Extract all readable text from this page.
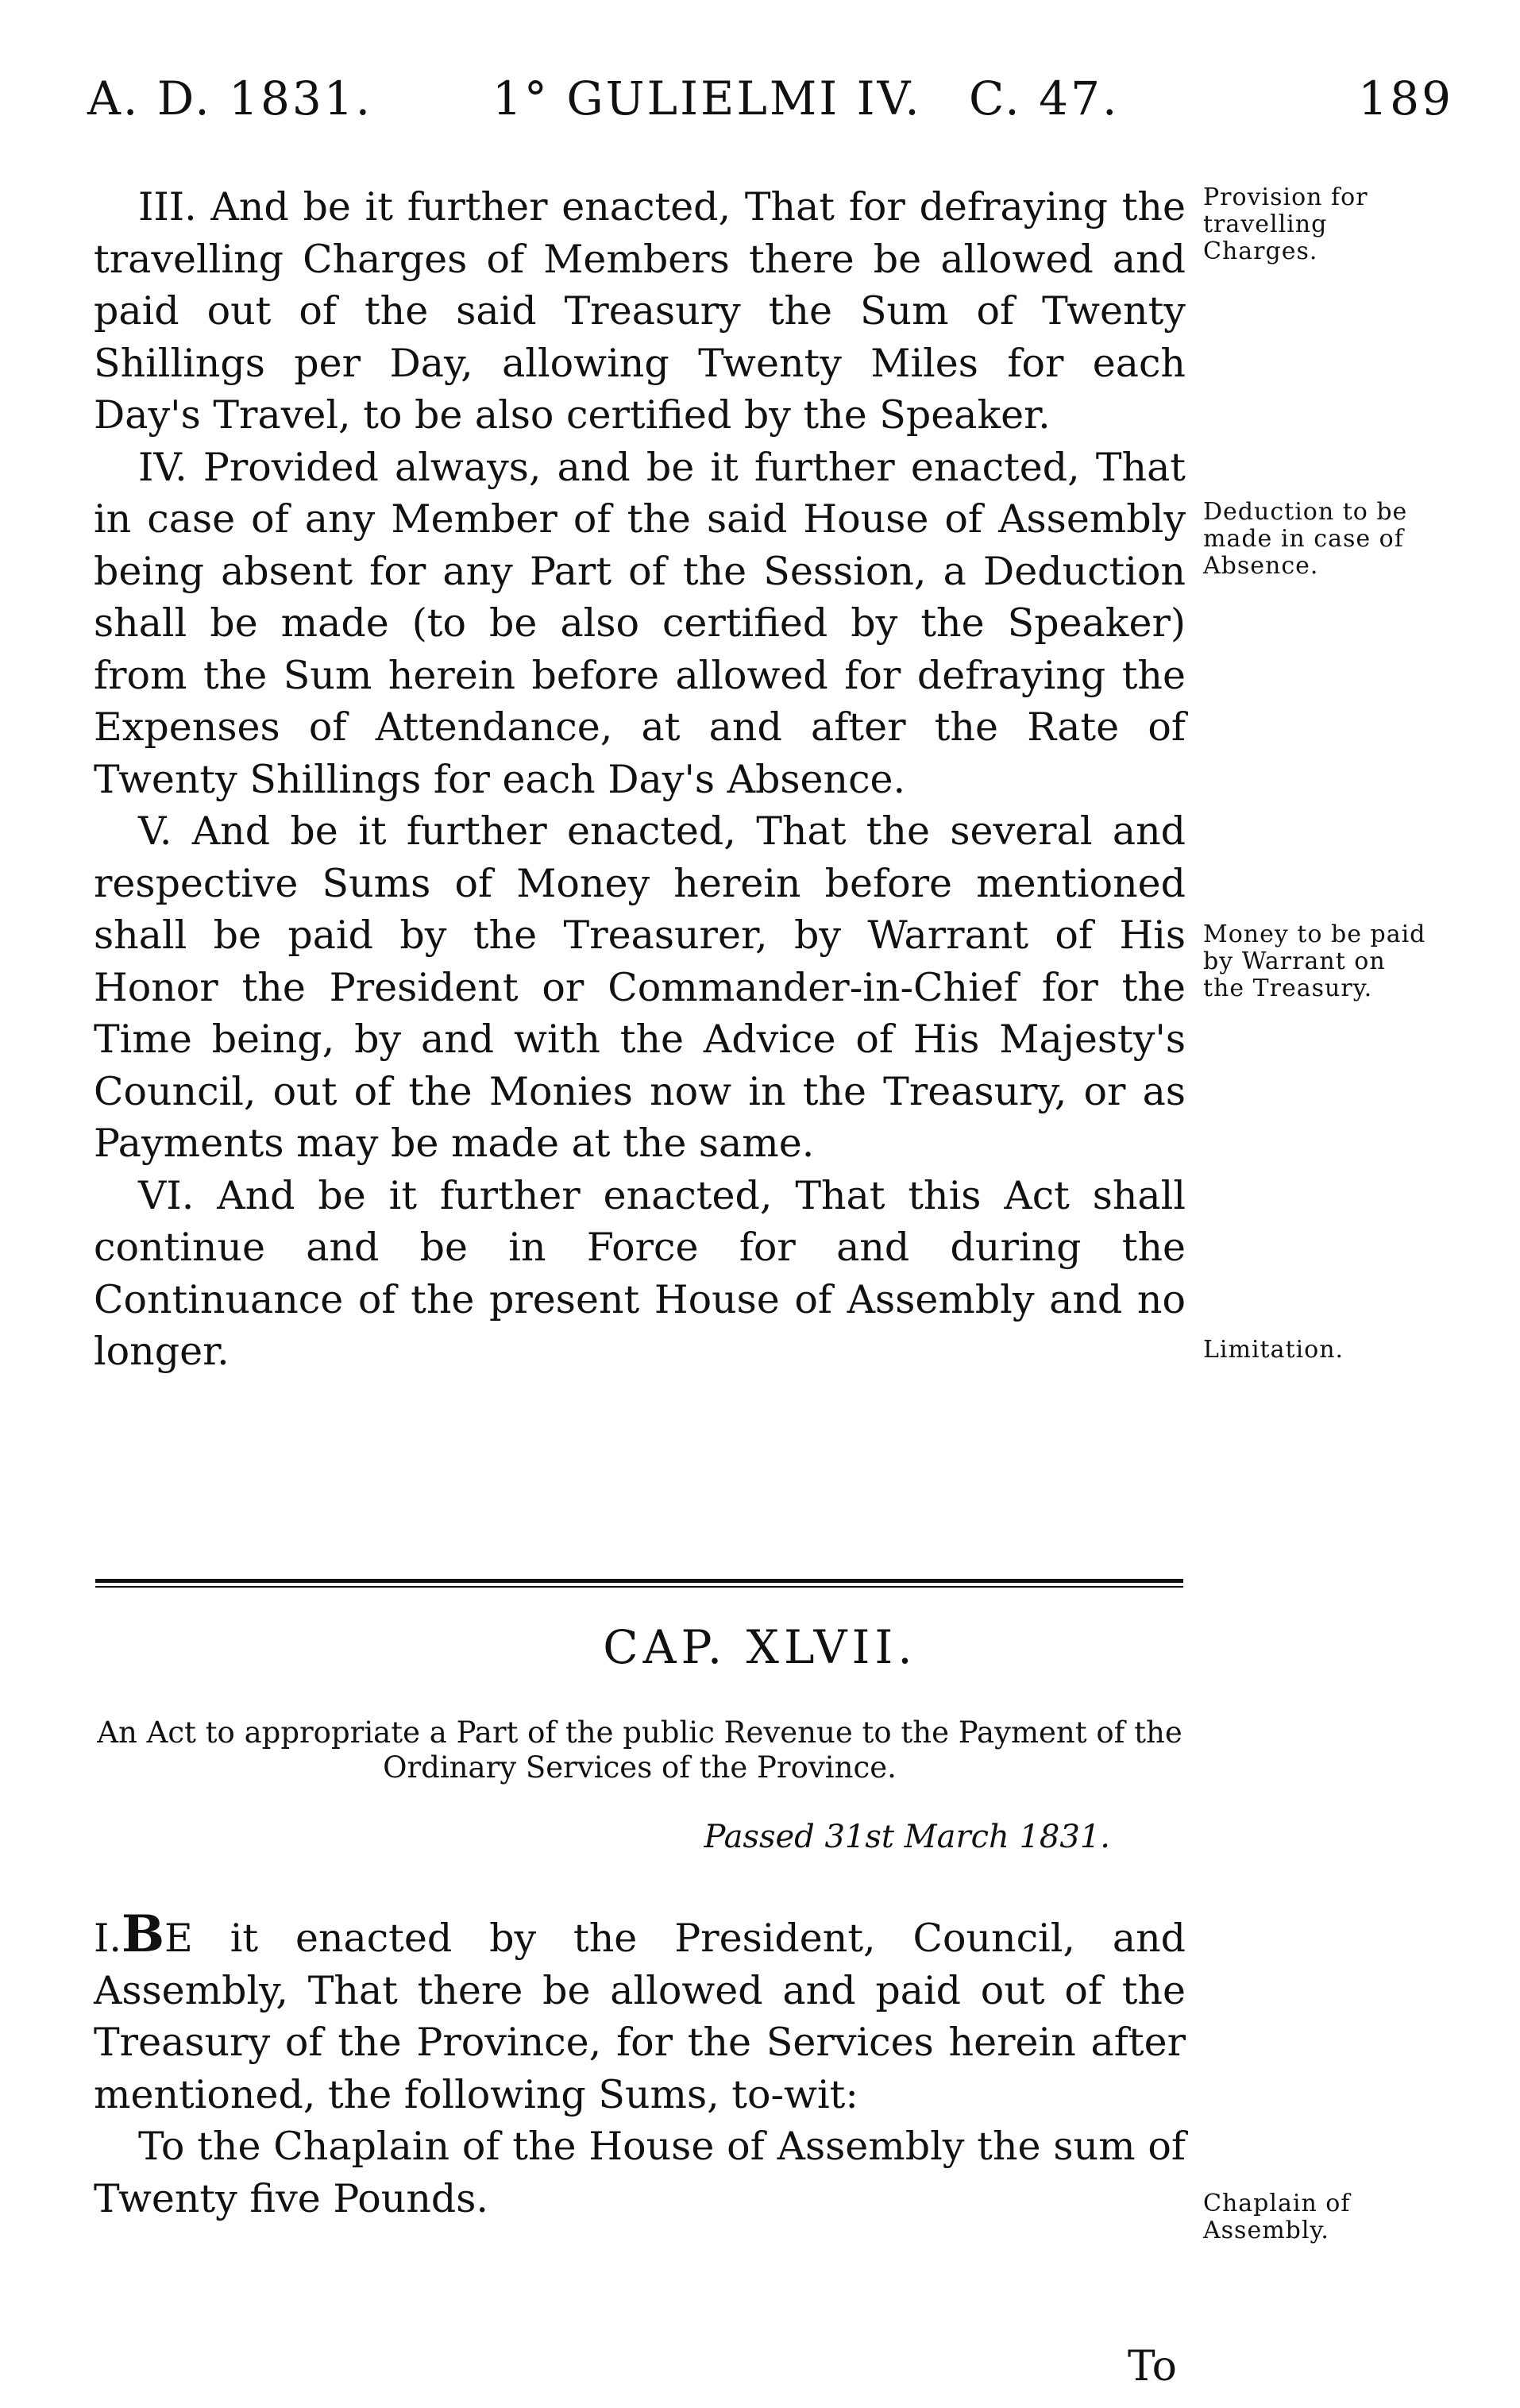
A. D. 1831.	1° GULIELMI IV. C. 47.	189

III. And be it further enacted, That for defraying the travelling Charges of Members there be allowed and paid out of the said Treasury the Sum of Twenty Shillings per Day, allowing Twenty Miles for each Day's Travel, to be also certified by the Speaker.

IV. Provided always, and be it further enacted, That in case of any Member of the said House of Assembly being absent for any Part of the Session, a Deduction shall be made (to be also certified by the Speaker) from the Sum herein before allowed for defraying the Expenses of Attendance, at and after the Rate of Twenty Shillings for each Day's Absence.

V. And be it further enacted, That the several and respective Sums of Money herein before mentioned shall be paid by the Treasurer, by Warrant of His Honor the President or Commander-in-Chief for the Time being, by and with the Advice of His Majesty's Council, out of the Monies now in the Treasury, or as Payments may be made at the same.

VI. And be it further enacted, That this Act shall continue and be in Force for and during the Continuance of the present House of Assembly and no longer.

Provision for travelling Charges.
Deduction to be made in case of Absence.
Money to be paid by Warrant on the Treasury.
Limitation.
Chaplain of Assembly.
CAP. XLVII.
An Act to appropriate a Part of the public Revenue to the Payment of the Ordinary Services of the Province.
Passed 31st March 1831.

I.BE it enacted by the President, Council, and Assembly, That there be allowed and paid out of the Treasury of the Province, for the Services herein after mentioned, the following Sums, to-wit:

To the Chaplain of the House of Assembly the sum of Twenty five Pounds.

To
